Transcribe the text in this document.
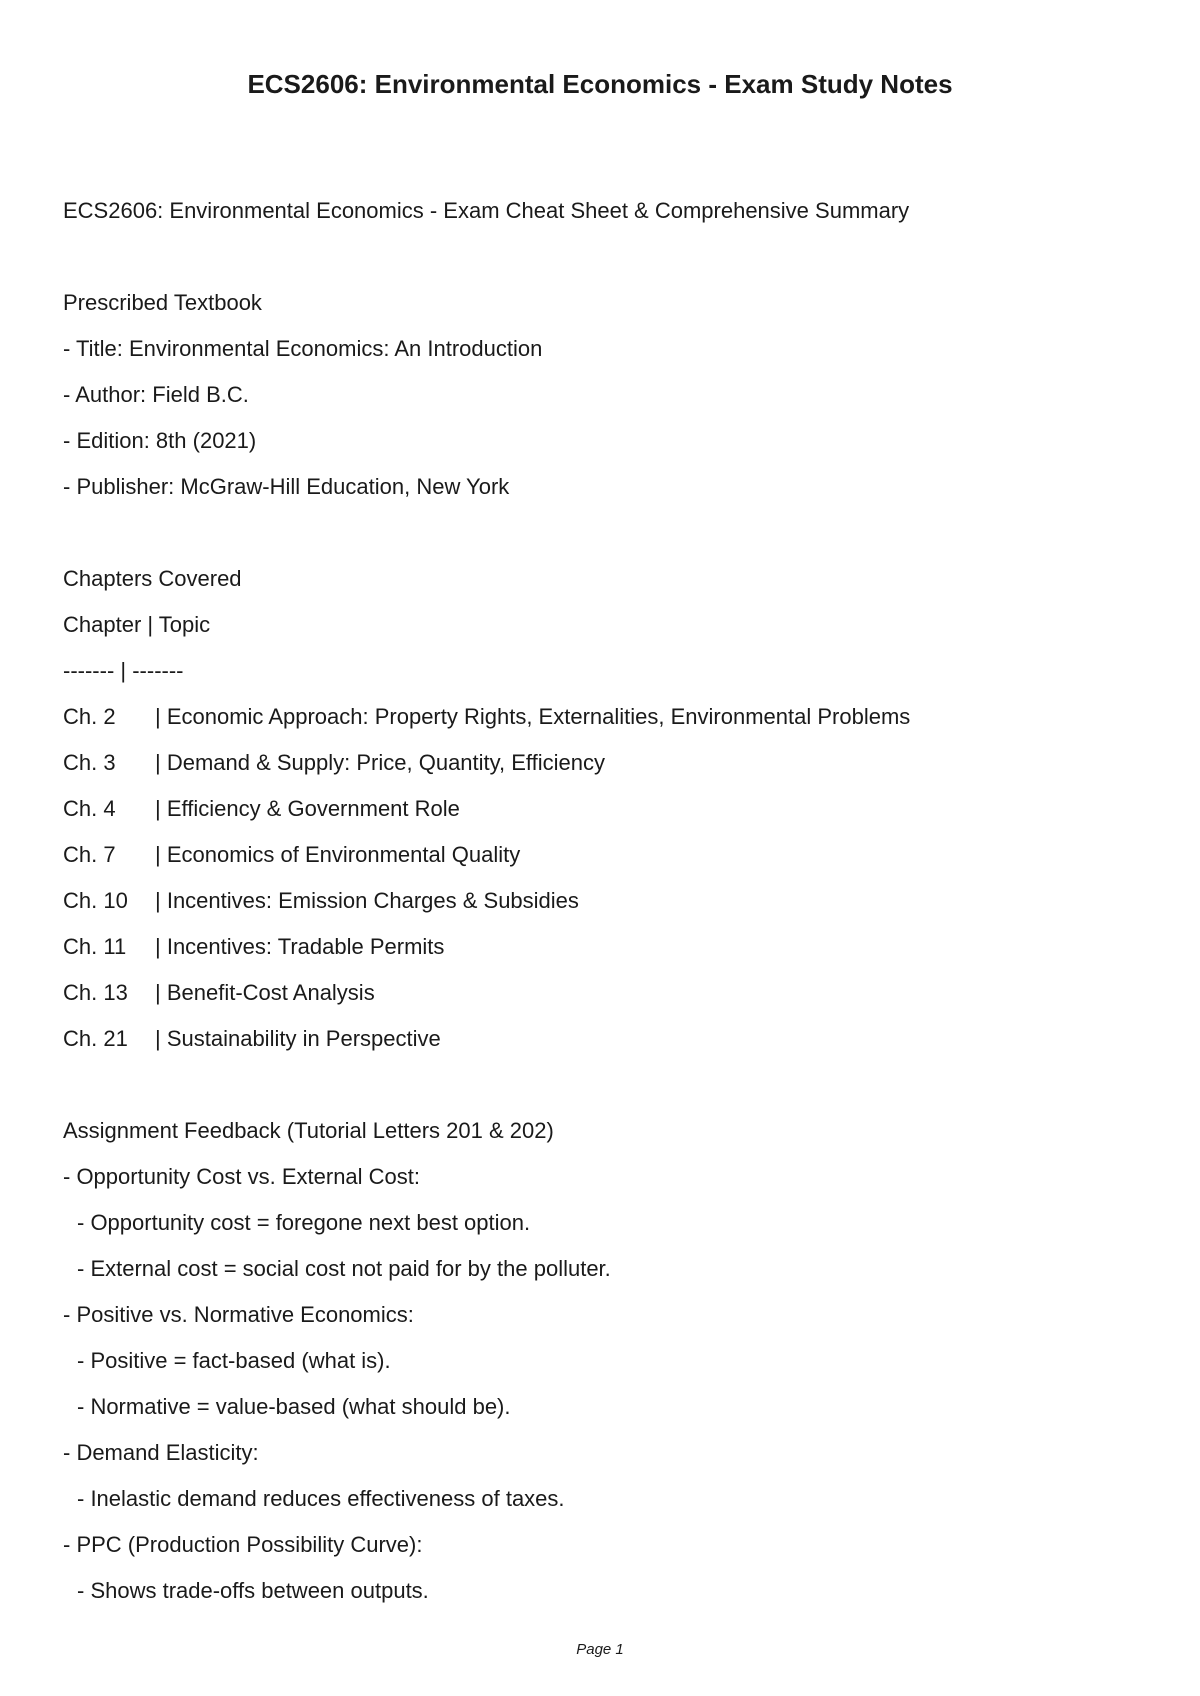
ECS2606: Environmental Economics - Exam Study Notes
ECS2606: Environmental Economics - Exam Cheat Sheet & Comprehensive Summary
Prescribed Textbook
- Title: Environmental Economics: An Introduction
- Author: Field B.C.
- Edition: 8th (2021)
- Publisher: McGraw-Hill Education, New York
Chapters Covered
Chapter | Topic
------- | -------
Ch. 2 | Economic Approach: Property Rights, Externalities, Environmental Problems
Ch. 3 | Demand & Supply: Price, Quantity, Efficiency
Ch. 4 | Efficiency & Government Role
Ch. 7 | Economics of Environmental Quality
Ch. 10 | Incentives: Emission Charges & Subsidies
Ch. 11 | Incentives: Tradable Permits
Ch. 13 | Benefit-Cost Analysis
Ch. 21 | Sustainability in Perspective
Assignment Feedback (Tutorial Letters 201 & 202)
- Opportunity Cost vs. External Cost:
- Opportunity cost = foregone next best option.
- External cost = social cost not paid for by the polluter.
- Positive vs. Normative Economics:
- Positive = fact-based (what is).
- Normative = value-based (what should be).
- Demand Elasticity:
- Inelastic demand reduces effectiveness of taxes.
- PPC (Production Possibility Curve):
- Shows trade-offs between outputs.
Page 1
